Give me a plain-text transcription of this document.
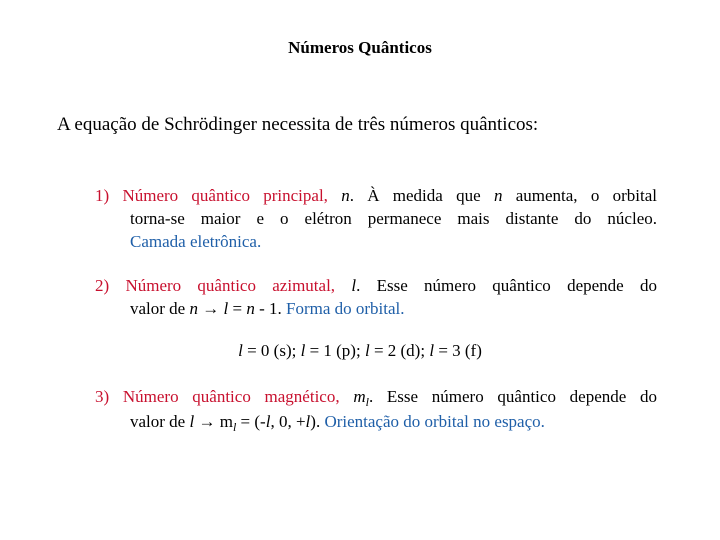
Números Quânticos
A equação de Schrödinger necessita de três números quânticos:
1) Número quântico principal, n. À medida que n aumenta, o orbital
torna-se maior e o elétron permanece mais distante do núcleo.
Camada eletrônica.
2) Número quântico azimutal, l. Esse número quântico depende do
valor de n → l = n - 1. Forma do orbital.
l = 0 (s); l = 1 (p); l = 2 (d); l = 3 (f)
3) Número quântico magnético, $m_l$. Esse número quântico depende do
valor de $l \to m_l = (-l$, 0, +l). Orientação do orbital no espaço.
